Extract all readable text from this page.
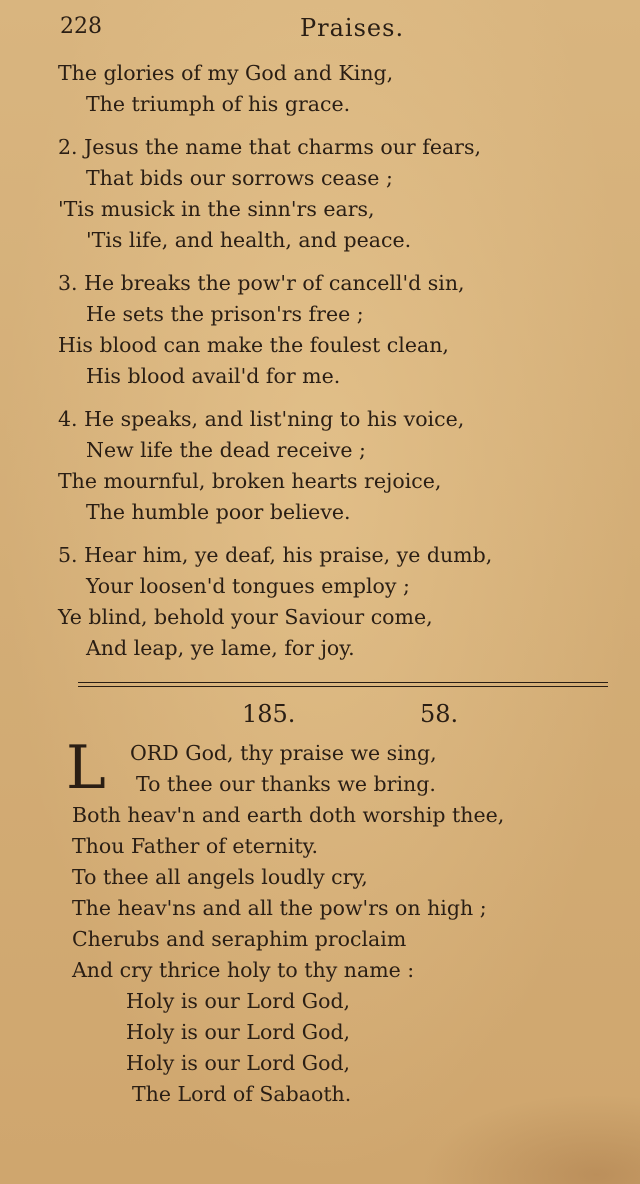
228	Praises.
The glories of my God and King,
The triumph of his grace.
2. Jesus the name that charms our fears,
That bids our sorrows cease ;
'Tis musick in the sinn'rs ears,
'Tis life, and health, and peace.
3. He breaks the pow'r of cancell'd sin,
He sets the prison'rs free ;
His blood can make the foulest clean,
His blood avail'd for me.
4. He speaks, and list'ning to his voice,
New life the dead receive ;
The mournful, broken hearts rejoice,
The humble poor believe.
5. Hear him, ye deaf, his praise, ye dumb,
Your loosen'd tongues employ ;
Ye blind, behold your Saviour come,
And leap, ye lame, for joy.
185.	58.
L	ORD God, thy praise we sing,
To thee our thanks we bring.
Both heav'n and earth doth worship thee,
Thou Father of eternity.
To thee all angels loudly cry,
The heav'ns and all the pow'rs on high ;
Cherubs and seraphim proclaim
And cry thrice holy to thy name :
Holy is our Lord God,
Holy is our Lord God,
Holy is our Lord God,
The Lord of Sabaoth.
